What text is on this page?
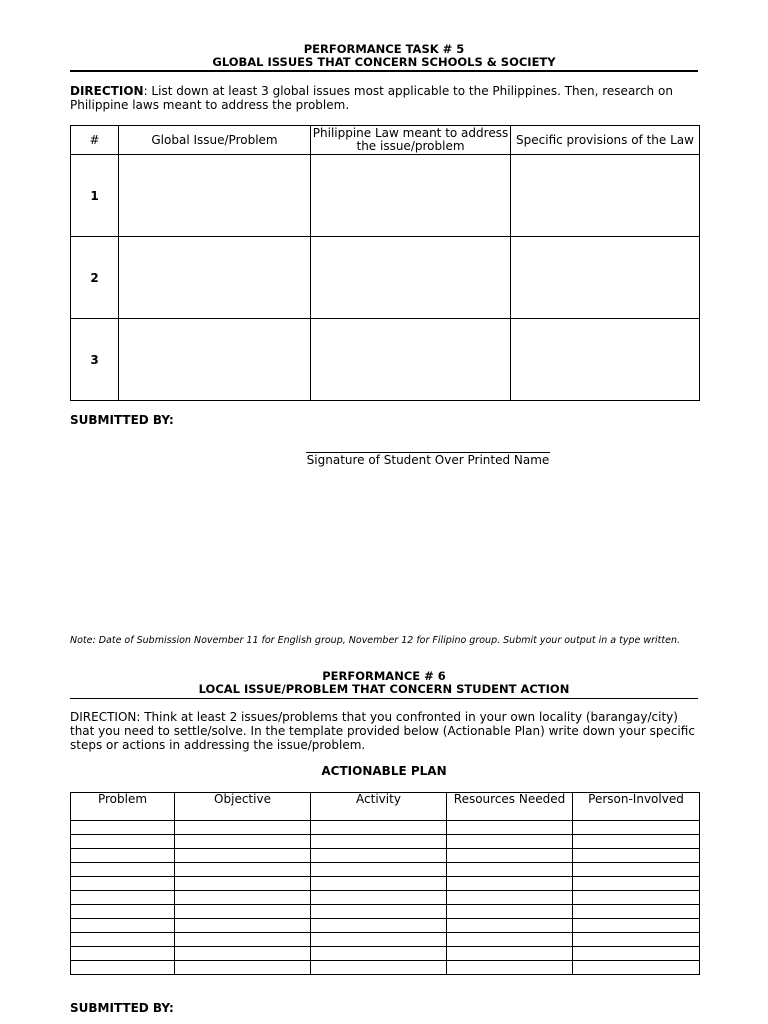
PERFORMANCE TASK # 5
GLOBAL ISSUES THAT CONCERN SCHOOLS & SOCIETY
DIRECTION: List down at least 3 global issues most applicable to the Philippines. Then, research on Philippine laws meant to address the problem.
#	Global Issue/Problem	Philippine Law meant to address the issue/problem	Specific provisions of the Law
1			
2			
3			
SUBMITTED BY:
Signature of Student Over Printed Name
Note: Date of Submission November 11 for English group, November 12 for Filipino group. Submit your output in a type written.
PERFORMANCE # 6
LOCAL ISSUE/PROBLEM THAT CONCERN STUDENT ACTION
DIRECTION: Think at least 2 issues/problems that you confronted in your own locality (barangay/city) that you need to settle/solve. In the template provided below (Actionable Plan) write down your specific steps or actions in addressing the issue/problem.
ACTIONABLE PLAN
Problem	Objective	Activity	Resources Needed	Person-Involved

SUBMITTED BY:
